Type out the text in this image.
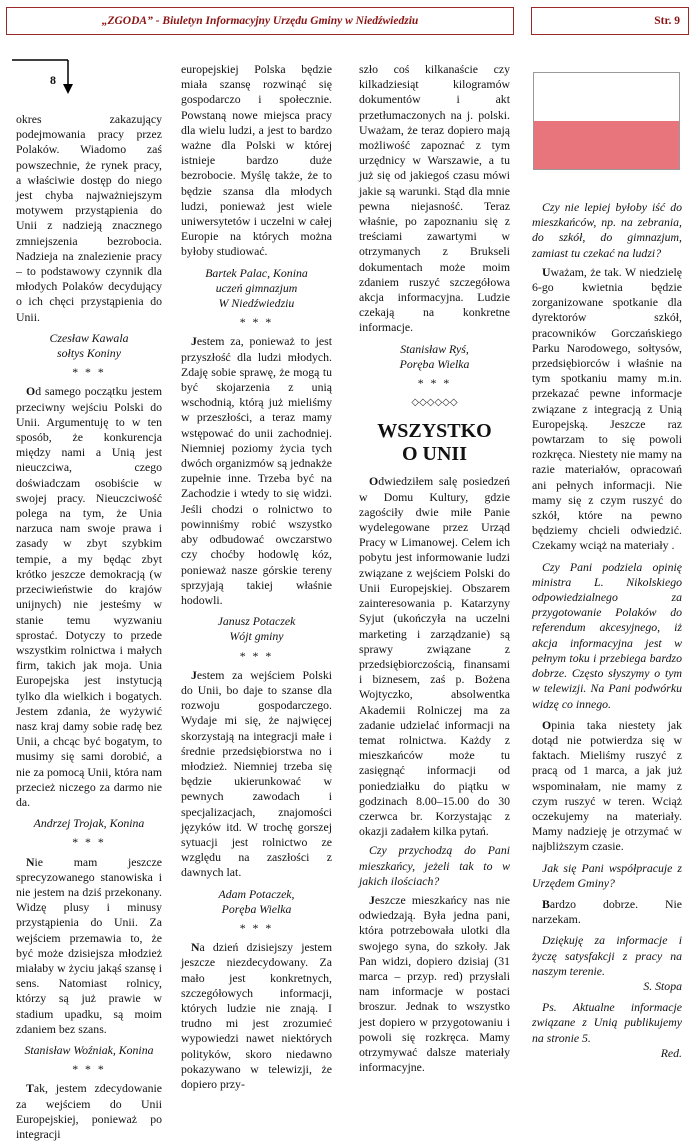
„ZGODA” - Biuletyn Informacyjny Urzędu Gminy w Niedźwiedziu	Str. 9
8

okres zakazujący podejmowania pracy przez Polaków. Wiadomo zaś powszechnie, że rynek pracy, a właściwie dostęp do niego jest chyba najważniejszym motywem przystąpienia do Unii z nadzieją znacznego zmniejszenia bezrobocia. Nadzieja na znalezienie pracy – to podstawowy czynnik dla młodych Polaków decydujący o ich chęci przystąpienia do Unii.

Czesław Kawala
sołtys Koniny

* * *

Od samego początku jestem przeciwny wejściu Polski do Unii. Argumentuję to w ten sposób, że konkurencja między nami a Unią jest nieuczciwa, czego doświadczam osobiście w swojej pracy. Nieuczciwość polega na tym, że Unia narzuca nam swoje prawa i zasady w zbyt szybkim tempie, a my będąc zbyt krótko jeszcze demokracją (w przeciwieństwie do krajów unijnych) nie jesteśmy w stanie temu wyzwaniu sprostać. Dotyczy to przede wszystkim rolnictwa i małych firm, takich jak moja. Unia Europejska jest instytucją tylko dla wielkich i bogatych. Jestem zdania, że wyżywić nasz kraj damy sobie radę bez Unii, a chcąc być bogatym, to musimy się sami dorobić, a nie za pomocą Unii, która nam przecież niczego za darmo nie da.

Andrzej Trojak, Konina

* * *

Nie mam jeszcze sprecyzowanego stanowiska i nie jestem na dziś przekonany. Widzę plusy i minusy przystąpienia do Unii. Za wejściem przemawia to, że być może dzisiejsza młodzież miałaby w życiu jakąś szansę i sens. Natomiast rolnicy, którzy są już prawie w stadium upadku, są moim zdaniem bez szans.

Stanisław Woźniak, Konina

* * *

Tak, jestem zdecydowanie za wejściem do Unii Europejskiej, ponieważ po integracji

europejskiej Polska będzie miała szansę rozwinąć się gospodarczo i społecznie. Powstaną nowe miejsca pracy dla wielu ludzi, a jest to bardzo ważne dla Polski w której istnieje bardzo duże bezrobocie. Myślę także, że to będzie szansa dla młodych ludzi, ponieważ jest wiele uniwersytetów i uczelni w całej Europie na których można byłoby studiować.

Bartek Palac, Konina
uczeń gimnazjum
W Niedźwiedziu

* * *

Jestem za, ponieważ to jest przyszłość dla ludzi młodych. Zdaję sobie sprawę, że mogą tu być skojarzenia z unią wschodnią, którą już mieliśmy w przeszłości, a teraz mamy wstępować do unii zachodniej. Niemniej poziomy życia tych dwóch organizmów są jednakże zupełnie inne. Trzeba być na Zachodzie i wtedy to się widzi. Jeśli chodzi o rolnictwo to powinniśmy robić wszystko aby odbudować owczarstwo czy choćby hodowlę kóz, ponieważ nasze górskie tereny sprzyjają takiej właśnie hodowli.

Janusz Potaczek
Wójt gminy

* * *

Jestem za wejściem Polski do Unii, bo daje to szanse dla rozwoju gospodarczego. Wydaje mi się, że najwięcej skorzystają na integracji małe i średnie przedsiębiorstwa no i młodzież. Niemniej trzeba się będzie ukierunkować w pewnych zawodach i specjalizacjach, znajomości języków itd. W trochę gorszej sytuacji jest rolnictwo ze względu na zaszłości z dawnych lat.

Adam Potaczek,
Poręba Wielka

* * *

Na dzień dzisiejszy jestem jeszcze niezdecydowany. Za mało jest konkretnych, szczegółowych informacji, których ludzie nie znają. I trudno mi jest zrozumieć wypowiedzi nawet niektórych polityków, skoro niedawno pokazywano w telewizji, że dopiero przy-

szło coś kilkanaście czy kilkadziesiąt kilogramów dokumentów i akt przetłumaczonych na j. polski. Uważam, że teraz dopiero mają możliwość zapoznać z tym urzędnicy w Warszawie, a tu już się od jakiegoś czasu mówi jakie są warunki. Stąd dla mnie pewna niejasność. Teraz właśnie, po zapoznaniu się z treściami zawartymi w otrzymanych z Brukseli dokumentach może moim zdaniem ruszyć szczegółowa akcja informacyjna. Ludzie czekają na konkretne informacje.

Stanisław Ryś,
Poręba Wielka

* * *

◇◇◇◇◇◇
WSZYSTKO
O UNII

Odwiedziłem salę posiedzeń w Domu Kultury, gdzie zagościły dwie miłe Panie wydelegowane przez Urząd Pracy w Limanowej. Celem ich pobytu jest informowanie ludzi związane z wejściem Polski do Unii Europejskiej. Obszarem zainteresowania p. Katarzyny Syjut (ukończyła na uczelni marketing i zarządzanie) są sprawy związane z przedsiębiorczością, finansami i biznesem, zaś p. Bożena Wojtyczko, absolwentka Akademii Rolniczej ma za zadanie udzielać informacji na temat rolnictwa. Każdy z mieszkańców może tu zasięgnąć informacji od poniedziałku do piątku w godzinach 8.00–15.00 do 30 czerwca br. Korzystając z okazji zadałem kilka pytań.

Czy przychodzą do Pani mieszkańcy, jeżeli tak to w jakich ilościach?

Jeszcze mieszkańcy nas nie odwiedzają. Była jedna pani, która potrzebowała ulotki dla swojego syna, do szkoły. Jak Pan widzi, dopiero dzisiaj (31 marca – przyp. red) przysłali nam informacje w postaci broszur. Jednak to wszystko jest dopiero w przygotowaniu i powoli się rozkręca. Mamy otrzymywać dalsze materiały informacyjne.

Czy nie lepiej byłoby iść do mieszkańców, np. na zebrania, do szkół, do gimnazjum, zamiast tu czekać na ludzi?

Uważam, że tak. W niedzielę 6-go kwietnia będzie zorganizowane spotkanie dla dyrektorów szkół, pracowników Gorczańskiego Parku Narodowego, sołtysów, przedsiębiorców i właśnie na tym spotkaniu mamy m.in. przekazać pewne informacje związane z integracją z Unią Europejską. Jeszcze raz powtarzam to się powoli rozkręca. Niestety nie mamy na razie materiałów, opracowań ani pełnych informacji. Nie mamy się z czym ruszyć do szkół, które na pewno będziemy chcieli odwiedzić. Czekamy wciąż na materiały .

Czy Pani podziela opinię ministra L. Nikolskiego odpowiedzialnego za przygotowanie Polaków do referendum akcesyjnego, iż akcja informacyjna jest w pełnym toku i przebiega bardzo dobrze. Często słyszymy o tym w telewizji. Na Pani podwórku widzę co innego.

Opinia taka niestety jak dotąd nie potwierdza się w faktach. Mieliśmy ruszyć z pracą od 1 marca, a jak już wspominałam, nie mamy z czym ruszyć w teren. Wciąż oczekujemy na materiały. Mamy nadzieję je otrzymać w najbliższym czasie.

Jak się Pani współpracuje z Urzędem Gminy?

Bardzo dobrze. Nie narzekam.

Dziękuję za informacje i życzę satysfakcji z pracy na naszym terenie.

S. Stopa

Ps. Aktualne informacje związane z Unią publikujemy na stronie 5.

Red.
